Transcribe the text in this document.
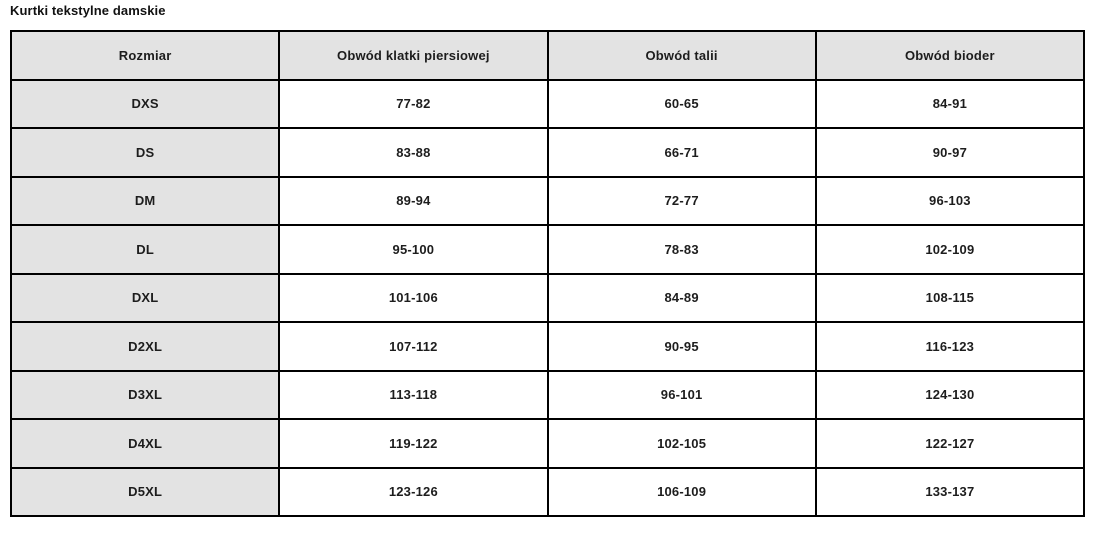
Kurtki tekstylne damskie
Rozmiar	Obwód klatki piersiowej	Obwód talii	Obwód bioder
DXS	77-82	60-65	84-91
DS	83-88	66-71	90-97
DM	89-94	72-77	96-103
DL	95-100	78-83	102-109
DXL	101-106	84-89	108-115
D2XL	107-112	90-95	116-123
D3XL	113-118	96-101	124-130
D4XL	119-122	102-105	122-127
D5XL	123-126	106-109	133-137
